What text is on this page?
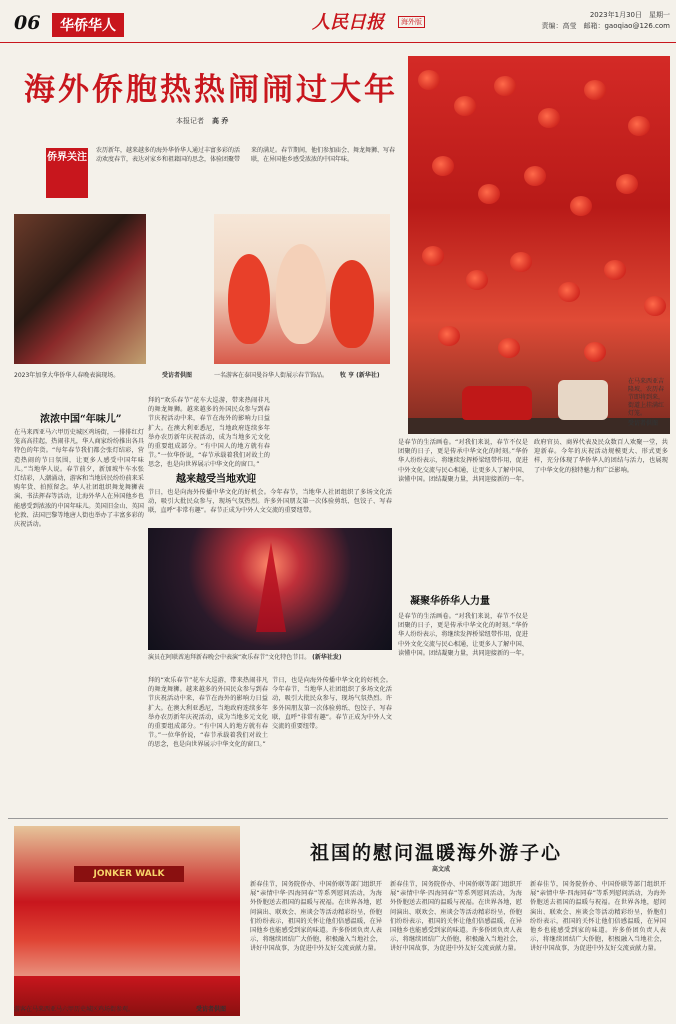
06	华侨华人	人民日报	海外版
2023年1月30日　星期一
责编：高莹　邮箱：gaoqiao@126.com
海外侨胞热热闹闹过大年
本报记者 高 乔
在马来西亚吉隆坡，农历春节即将到来，街道上挂满红灯笼。
受访者供图
侨界关注
农历新年，越来越多的海外华侨华人通过丰富多彩的活动欢度春节，表达对家乡和祖籍国的思念，体验团聚带来的满足。春节期间，他们参加庙会、舞龙舞狮、写春联，在异国他乡感受浓浓的中国年味。
2023年加拿大华侨华人春晚表演现场。	受访者供图	一名游客在泰国曼谷华人街展示春节饰品。 牧 亨 (新华社)
浓浓中国“年味儿”
在马来西亚马六甲历史城区鸡场街，一排排红灯笼高高挂起，热闹非凡，华人商家纷纷推出各具特色的年货。“每年春节我们都会张灯结彩，营造热闹的节日氛围，让更多人感受中国年味儿。”当地华人说。春节前夕，新加坡牛车水张灯结彩，人潮涌动，游客和当地居民纷纷前来采购年货、拍照留念。华人社团组织舞龙舞狮表演、书法挥春等活动，让海外华人在异国他乡也能感受到浓浓的中国年味儿。美国旧金山、英国伦敦、法国巴黎等地唐人街也举办了丰富多彩的庆祝活动。
拜的“欢乐春节”花车大巡游，带来热闹非凡的舞龙舞狮。越来越多的外国民众参与到春节庆祝活动中来，春节在海外的影响力日益扩大。在澳大利亚悉尼，当地政府连续多年举办农历新年庆祝活动，成为当地多元文化的重要组成部分。“有中国人的地方就有春节。”一位华侨说，“春节承载着我们对故土的思念，也是向世界展示中华文化的窗口。”
越来越受当地欢迎
节日，也是向海外传播中华文化的好机会。今年春节，当地华人社团组织了多场文化活动，吸引大批民众参与，现场气氛热烈。许多外国朋友第一次体验剪纸、包饺子、写春联，直呼“非常有趣”。春节正成为中外人文交流的重要纽带。
演员在阿联酋迪拜新春晚会中表演“欢乐春节”文化特色节目。 (新华社发)
拜的“欢乐春节”花车大巡游，带来热闹非凡的舞龙舞狮。越来越多的外国民众参与到春节庆祝活动中来，春节在海外的影响力日益扩大。在澳大利亚悉尼，当地政府连续多年举办农历新年庆祝活动，成为当地多元文化的重要组成部分。“有中国人的地方就有春节。”一位华侨说，“春节承载着我们对故土的思念，也是向世界展示中华文化的窗口。”
节日，也是向海外传播中华文化的好机会。今年春节，当地华人社团组织了多场文化活动，吸引大批民众参与，现场气氛热烈。许多外国朋友第一次体验剪纸、包饺子、写春联，直呼“非常有趣”。春节正成为中外人文交流的重要纽带。
是春节的生活画卷。“对我们来说，春节不仅是团聚的日子，更是传承中华文化的时刻。”华侨华人纷纷表示，将继续发挥桥梁纽带作用，促进中外文化交流与民心相通，让更多人了解中国、读懂中国。团结凝聚力量，共同迎接新的一年。
凝聚华侨华人力量
是春节的生活画卷。“对我们来说，春节不仅是团聚的日子，更是传承中华文化的时刻。”华侨华人纷纷表示，将继续发挥桥梁纽带作用，促进中外文化交流与民心相通，让更多人了解中国、读懂中国。团结凝聚力量，共同迎接新的一年。
政府官员、商界代表及民众数百人欢聚一堂，共迎新春。今年的庆祝活动规模更大、形式更多样，充分体现了华侨华人的团结与活力，也展现了中华文化的独特魅力和广泛影响。
JONKER WALK
游客在马来西亚马六甲历史城区鸡场街参观。	受访者供图
祖国的慰问温暖海外游子心
高文成
新春佳节，国务院侨办、中国侨联等部门组织开展“亲情中华·四海同春”等系列慰问活动，为海外侨胞送去祖国的温暖与祝福。在世界各地，慰问演出、联欢会、座谈会等活动精彩纷呈，侨胞们纷纷表示，祖国的关怀让他们倍感温暖，在异国他乡也能感受到家的味道。许多侨团负责人表示，将继续团结广大侨胞，积极融入当地社会，讲好中国故事，为促进中外友好交流贡献力量。
新春佳节，国务院侨办、中国侨联等部门组织开展“亲情中华·四海同春”等系列慰问活动，为海外侨胞送去祖国的温暖与祝福。在世界各地，慰问演出、联欢会、座谈会等活动精彩纷呈，侨胞们纷纷表示，祖国的关怀让他们倍感温暖，在异国他乡也能感受到家的味道。许多侨团负责人表示，将继续团结广大侨胞，积极融入当地社会，讲好中国故事，为促进中外友好交流贡献力量。
新春佳节，国务院侨办、中国侨联等部门组织开展“亲情中华·四海同春”等系列慰问活动，为海外侨胞送去祖国的温暖与祝福。在世界各地，慰问演出、联欢会、座谈会等活动精彩纷呈，侨胞们纷纷表示，祖国的关怀让他们倍感温暖，在异国他乡也能感受到家的味道。许多侨团负责人表示，将继续团结广大侨胞，积极融入当地社会，讲好中国故事，为促进中外友好交流贡献力量。
